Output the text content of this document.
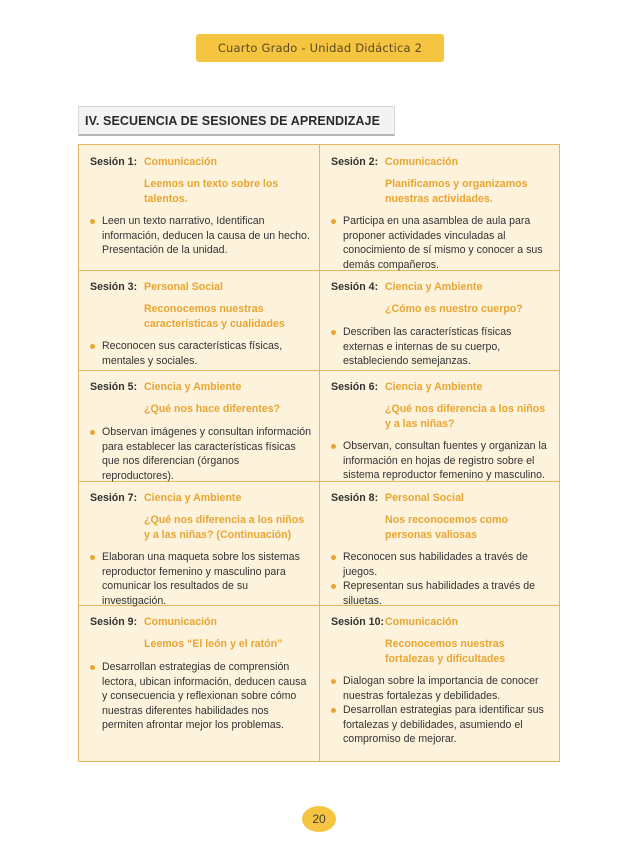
Cuarto Grado - Unidad Didáctica 2
IV. SECUENCIA DE SESIONES DE APRENDIZAJE
Sesión 1: Comunicación
Leemos un texto sobre los talentos.
Leen un texto narrativo, Identifican información, deducen la causa de un hecho. Presentación de la unidad.
Sesión 2: Comunicación
Planificamos y organizamos nuestras actividades.
Participa en una asamblea de aula para proponer actividades vinculadas al conocimiento de sí mismo y conocer a sus demás compañeros.
Sesión 3: Personal Social
Reconocemos nuestras características y cualidades
Reconocen sus características físicas, mentales y sociales.
Sesión 4: Ciencia y Ambiente
¿Cómo es nuestro cuerpo?
Describen las características físicas externas e internas de su cuerpo, estableciendo semejanzas.
Sesión 5: Ciencia y Ambiente
¿Qué nos hace diferentes?
Observan imágenes y consultan información para establecer las características físicas que nos diferencian (órganos reproductores).
Sesión 6: Ciencia y Ambiente
¿Qué nos diferencia a los niños y a las niñas?
Observan, consultan fuentes y organizan la información en hojas de registro sobre el sistema reproductor femenino y masculino.
Sesión 7: Ciencia y Ambiente
¿Qué nos diferencia a los niños y a las niñas? (Continuación)
Elaboran una maqueta sobre los sistemas reproductor femenino y masculino para comunicar los resultados de su investigación.
Sesión 8: Personal Social
Nos reconocemos como personas valiosas
Reconocen sus habilidades a través de juegos.
Representan sus habilidades a través de siluetas.
Sesión 9: Comunicación
Leemos “El león y el ratón”
Desarrollan estrategias de comprensión lectora, ubican información, deducen causa y consecuencia y reflexionan sobre cómo nuestras diferentes habilidades nos permiten afrontar mejor los problemas.
Sesión 10: Comunicación
Reconocemos nuestras fortalezas y dificultades
Dialogan sobre la importancia de conocer nuestras fortalezas y debilidades.
Desarrollan estrategias para identificar sus fortalezas y debilidades, asumiendo el compromiso de mejorar.
20
